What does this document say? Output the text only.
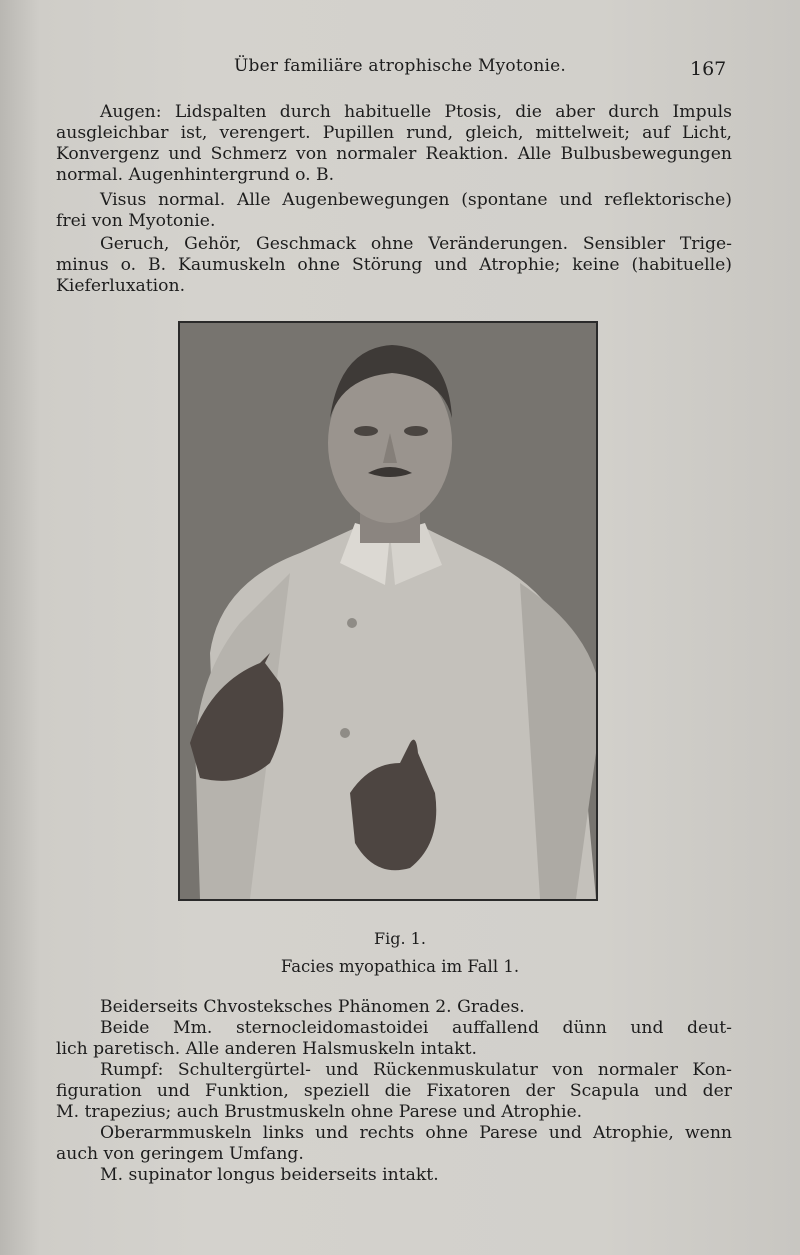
Über familiäre atrophische Myotonie.	167
Augen: Lidspalten durch habituelle Ptosis, die aber durch Impuls
ausgleichbar ist, verengert. Pupillen rund, gleich, mittelweit; auf Licht,
Konvergenz und Schmerz von normaler Reaktion. Alle Bulbusbewegungen
normal. Augenhintergrund o. B.
Visus normal. Alle Augenbewegungen (spontane und reflektorische)
frei von Myotonie.
Geruch, Gehör, Geschmack ohne Veränderungen. Sensibler Trige-
minus o. B. Kaumuskeln ohne Störung und Atrophie; keine (habituelle)
Kieferluxation.
Fig. 1.
Facies myopathica im Fall 1.
Beiderseits Chvosteksches Phänomen 2. Grades.
Beide Mm. sternocleidomastoidei auffallend dünn und deut-
lich paretisch. Alle anderen Halsmuskeln intakt.
Rumpf: Schultergürtel- und Rückenmuskulatur von normaler Kon-
figuration und Funktion, speziell die Fixatoren der Scapula und der
M. trapezius; auch Brustmuskeln ohne Parese und Atrophie.
Oberarmmuskeln links und rechts ohne Parese und Atrophie, wenn
auch von geringem Umfang.
M. supinator longus beiderseits intakt.
